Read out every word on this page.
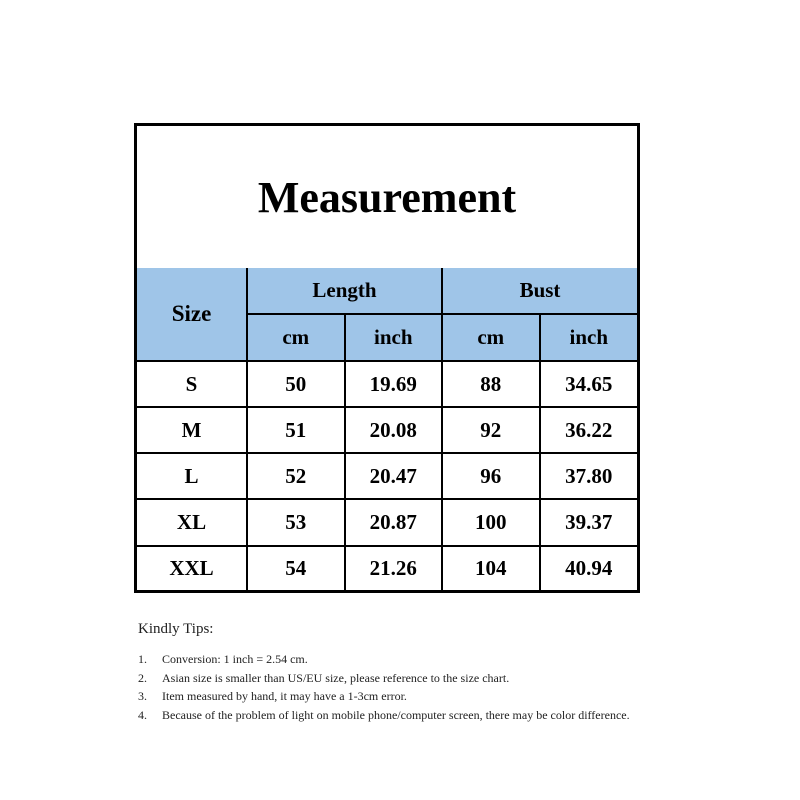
Measurement
Size	Length		Bust	
	cm	inch	cm	inch
S	50	19.69	88	34.65
M	51	20.08	92	36.22
L	52	20.47	96	37.80
XL	53	20.87	100	39.37
XXL	54	21.26	104	40.94
Kindly Tips:
1.	Conversion: 1 inch = 2.54 cm.
2.	Asian size is smaller than US/EU size, please reference to the size chart.
3.	Item measured by hand, it may have a 1-3cm error.
4.	Because of the problem of light on mobile phone/computer screen, there may be color difference.
